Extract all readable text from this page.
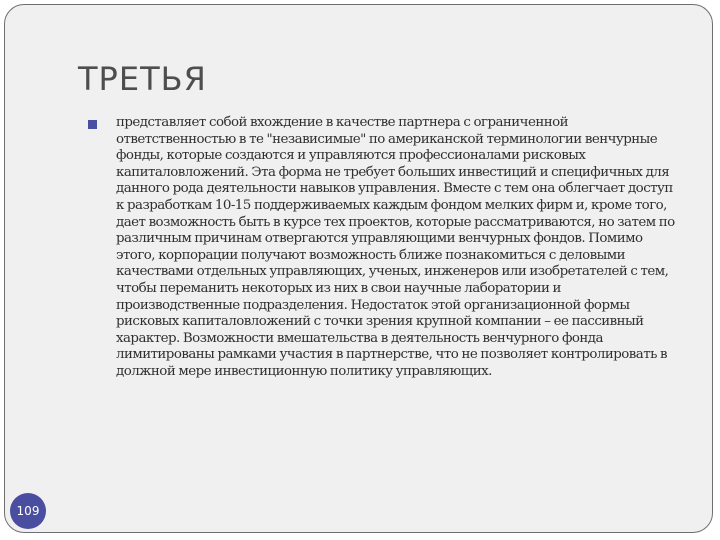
ТРЕТЬЯ
представляет собой вхождение в качестве партнера с ограниченной ответственностью в те "независимые" по американской терминологии венчурные фонды, которые создаются и управляются профессионалами рисковых капиталовложений. Эта форма не требует больших инвестиций и специфичных для данного рода деятельности навыков управления. Вместе с тем она облегчает доступ к разработкам 10-15 поддерживаемых каждым фондом мелких фирм и, кроме того, дает возможность быть в курсе тех проектов, которые рассматриваются, но затем по различным причинам отвергаются управляющими венчурных фондов. Помимо этого, корпорации получают возможность ближе познакомиться с деловыми качествами отдельных управляющих, ученых, инженеров или изобретателей с тем, чтобы переманить некоторых из них в свои научные лаборатории и производственные подразделения. Недостаток этой организационной формы рисковых капиталовложений с точки зрения крупной компании – ее пассивный характер. Возможности вмешательства в деятельность венчурного фонда лимитированы рамками участия в партнерстве, что не позволяет контролировать в должной мере инвестиционную политику управляющих.
109
